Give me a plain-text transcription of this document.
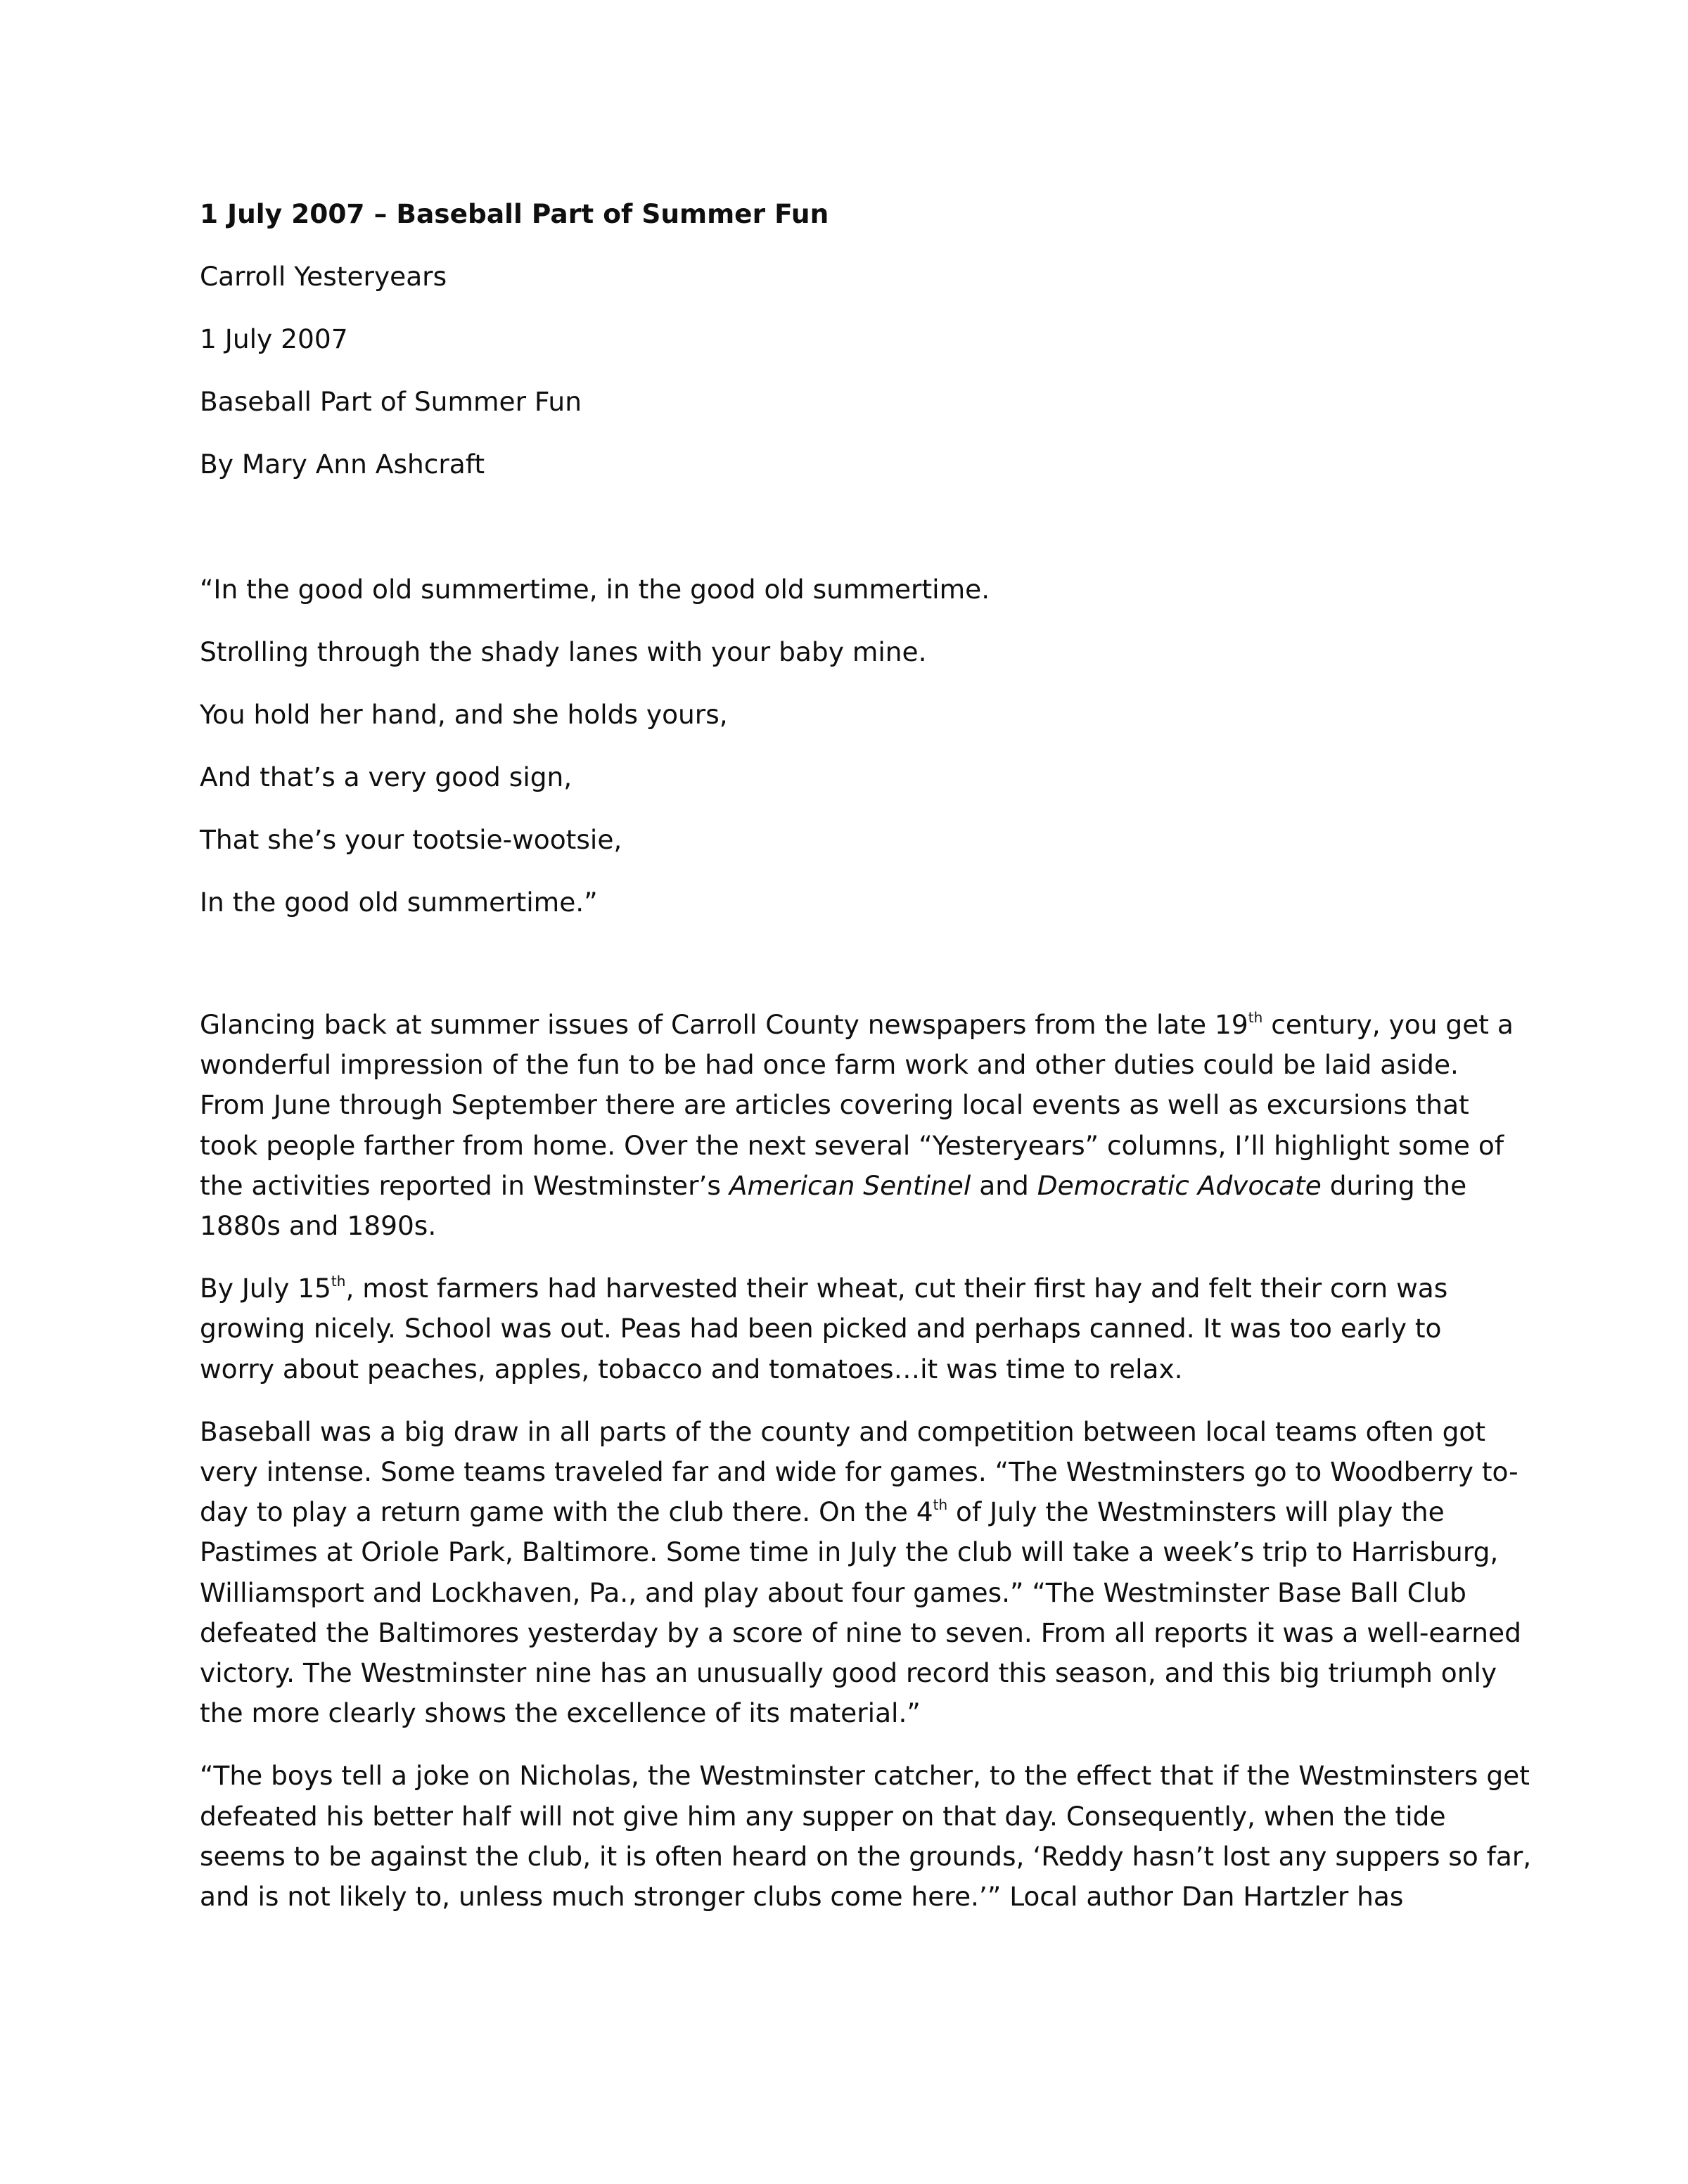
1 July 2007 – Baseball Part of Summer Fun

Carroll Yesteryears

1 July 2007

Baseball Part of Summer Fun

By Mary Ann Ashcraft

“In the good old summertime, in the good old summertime.

Strolling through the shady lanes with your baby mine.

You hold her hand, and she holds yours,

And that’s a very good sign,

That she’s your tootsie-wootsie,

In the good old summertime.”

Glancing back at summer issues of Carroll County newspapers from the late 19th century, you get a
wonderful impression of the fun to be had once farm work and other duties could be laid aside.
From June through September there are articles covering local events as well as excursions that
took people farther from home. Over the next several “Yesteryears” columns, I’ll highlight some of
the activities reported in Westminster’s American Sentinel and Democratic Advocate during the
1880s and 1890s.

By July 15th, most farmers had harvested their wheat, cut their first hay and felt their corn was
growing nicely. School was out. Peas had been picked and perhaps canned. It was too early to
worry about peaches, apples, tobacco and tomatoes…it was time to relax.

Baseball was a big draw in all parts of the county and competition between local teams often got
very intense. Some teams traveled far and wide for games. “The Westminsters go to Woodberry to-
day to play a return game with the club there. On the 4th of July the Westminsters will play the
Pastimes at Oriole Park, Baltimore. Some time in July the club will take a week’s trip to Harrisburg,
Williamsport and Lockhaven, Pa., and play about four games.” “The Westminster Base Ball Club
defeated the Baltimores yesterday by a score of nine to seven. From all reports it was a well-earned
victory. The Westminster nine has an unusually good record this season, and this big triumph only
the more clearly shows the excellence of its material.”

“The boys tell a joke on Nicholas, the Westminster catcher, to the effect that if the Westminsters get
defeated his better half will not give him any supper on that day. Consequently, when the tide
seems to be against the club, it is often heard on the grounds, ‘Reddy hasn’t lost any suppers so far,
and is not likely to, unless much stronger clubs come here.’” Local author Dan Hartzler has
